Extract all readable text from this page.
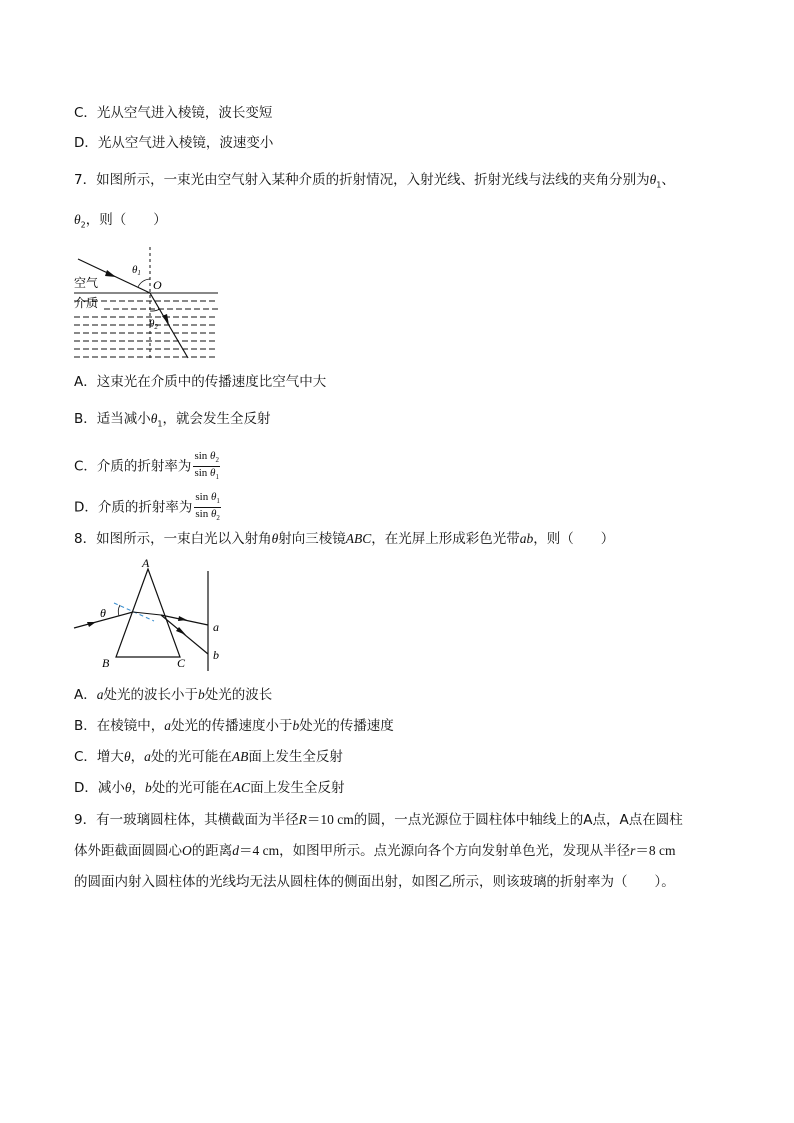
C．光从空气进入棱镜，波长变短
D．光从空气进入棱镜，波速变小
7．如图所示，一束光由空气射入某种介质的折射情况，入射光线、折射光线与法线的夹角分别为$\theta_1$、
$\theta_2$，则（　　）
空气
介质
O
θ1
θ2
A．这束光在介质中的传播速度比空气中大
B．适当减小$\theta_1$，就会发生全反射
C．介质的折射率为 $\frac{\sin \theta_2}{\sin \theta_1}$
D．介质的折射率为 $\frac{\sin \theta_1}{\sin \theta_2}$
8．如图所示，一束白光以入射角θ射向三棱镜ABC，在光屏上形成彩色光带ab，则（　　）
A
B	C
θ
a
b
A．a处光的波长小于b处光的波长
B．在棱镜中，a处光的传播速度小于b处光的传播速度
C．增大θ，a处的光可能在AB面上发生全反射
D．减小θ，b处的光可能在AC面上发生全反射
9．有一玻璃圆柱体，其横截面为半径R＝10 cm的圆，一点光源位于圆柱体中轴线上的A点，A点在圆柱
体外距截面圆圆心O的距离d＝4 cm，如图甲所示。点光源向各个方向发射单色光，发现从半径r＝8 cm
的圆面内射入圆柱体的光线均无法从圆柱体的侧面出射，如图乙所示，则该玻璃的折射率为（　　）。
